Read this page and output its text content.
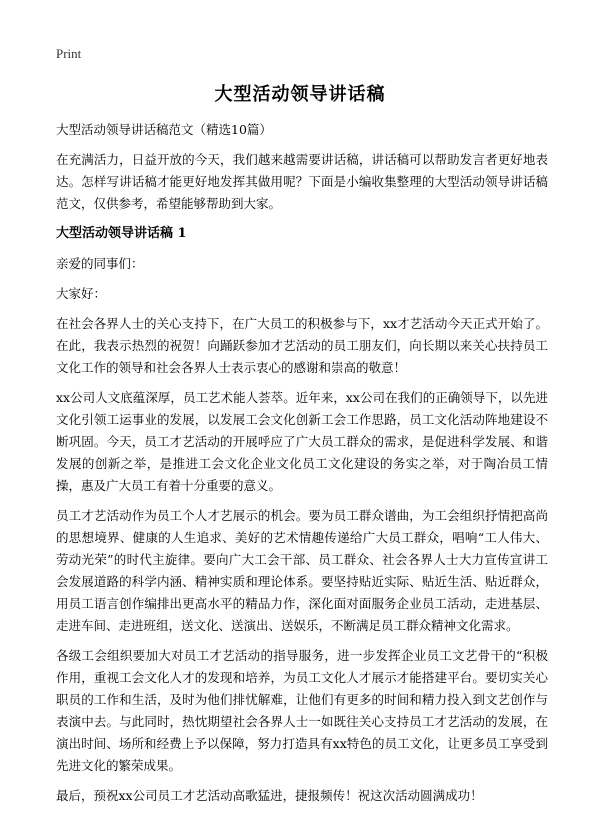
Print
大型活动领导讲话稿

大型活动领导讲话稿范文（精选10篇）

在充满活力，日益开放的今天，我们越来越需要讲话稿，讲话稿可以帮助发言者更好地表达。怎样写讲话稿才能更好地发挥其做用呢？下面是小编收集整理的大型活动领导讲话稿范文，仅供参考，希望能够帮助到大家。

大型活动领导讲话稿 1

亲爱的同事们：

大家好：

在社会各界人士的关心支持下，在广大员工的积极参与下，xx才艺活动今天正式开始了。在此，我表示热烈的祝贺！向踊跃参加才艺活动的员工朋友们，向长期以来关心扶持员工文化工作的领导和社会各界人士表示衷心的感谢和崇高的敬意！

xx公司人文底蕴深厚，员工艺术能人荟萃。近年来，xx公司在我们的正确领导下，以先进文化引领工运事业的发展，以发展工会文化创新工会工作思路，员工文化活动阵地建设不断巩固。今天，员工才艺活动的开展呼应了广大员工群众的需求，是促进科学发展、和谐发展的创新之举，是推进工会文化企业文化员工文化建设的务实之举，对于陶冶员工情操，惠及广大员工有着十分重要的意义。

员工才艺活动作为员工个人才艺展示的机会。要为员工群众谱曲，为工会组织抒情把高尚的思想境界、健康的人生追求、美好的艺术情趣传递给广大员工群众，唱响“工人伟大、劳动光荣”的时代主旋律。要向广大工会干部、员工群众、社会各界人士大力宣传宣讲工会发展道路的科学内涵、精神实质和理论体系。要坚持贴近实际、贴近生活、贴近群众，用员工语言创作编排出更高水平的精品力作，深化面对面服务企业员工活动，走进基层、走进车间、走进班组，送文化、送演出、送娱乐，不断满足员工群众精神文化需求。

各级工会组织要加大对员工才艺活动的指导服务，进一步发挥企业员工文艺骨干的“积极作用，重视工会文化人才的发现和培养，为员工文化人才展示才能搭建平台。要切实关心职员的工作和生活，及时为他们排忧解难，让他们有更多的时间和精力投入到文艺创作与表演中去。与此同时，热忱期望社会各界人士一如既往关心支持员工才艺活动的发展，在演出时间、场所和经费上予以保障，努力打造具有xx特色的员工文化，让更多员工享受到先进文化的繁荣成果。

最后，预祝xx公司员工才艺活动高歌猛进，捷报频传！祝这次活动圆满成功！
